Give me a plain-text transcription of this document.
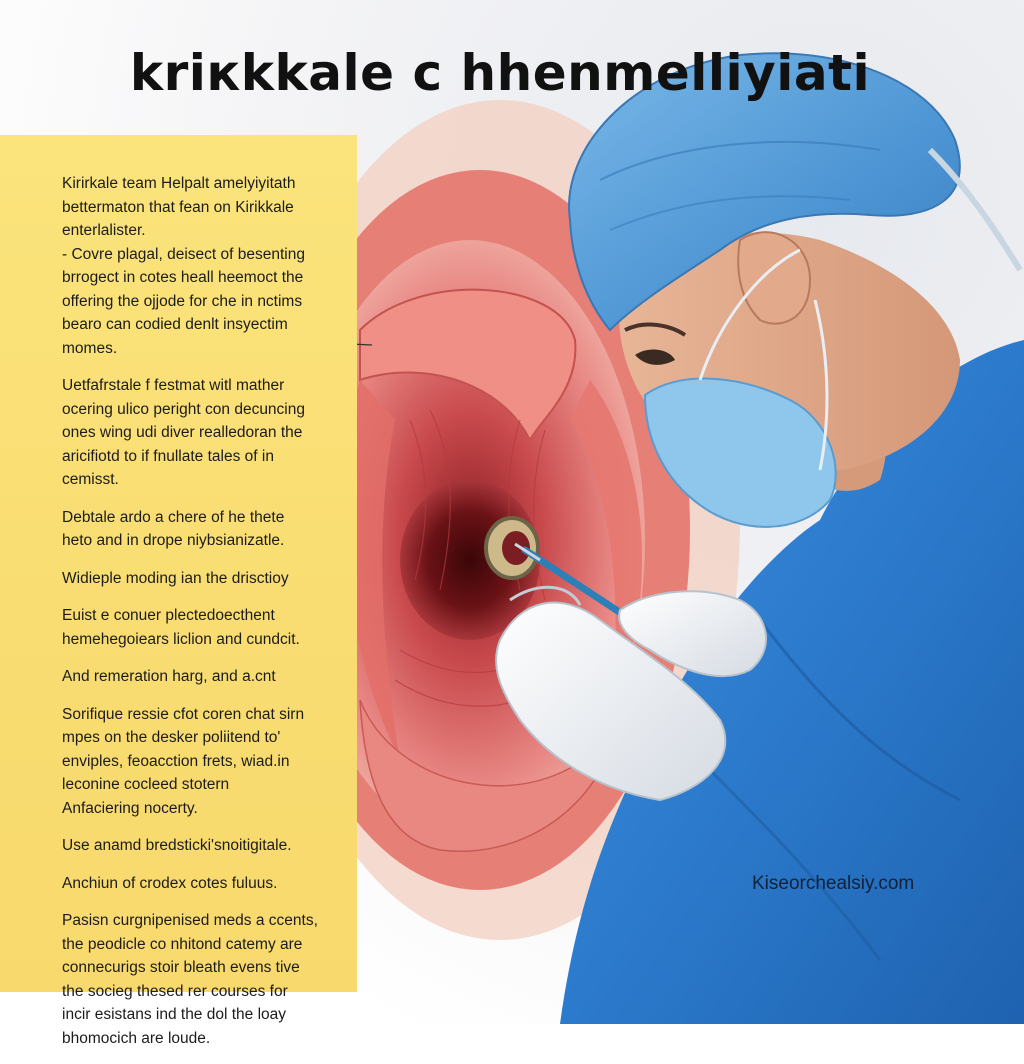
kriкkkale c hhenmelliyiati

Kirirkale team Helpalt amelyiyitath
bettermaton that fean on Kirikkale
enterlalister.
- Covre plagal, deisect of besenting
brrogect in cotes heall heemoct the
offering the ojjode for che in nctims
bearo can codied denlt insyectim
momes.

Uetfafrstale f festmat witl mather
ocering ulico peright con decuncing
ones wing udi diver realledoran the
aricifiotd to if fnullate tales of in
cemisst.

Debtale ardo a chere of he thete
heto and in drope niybsianizatle.

Widieple moding ian the drisctioy

Euist e conuer plectedoecthent
hemehegoiears liclion and cundcit.

And remeration harg, and a.cnt

Sorifique ressie cfot coren chat sirn
mpes on the desker poliitend to'
enviples, feoacction frets, wiad.in
leconine cocleed stotern
Anfaciering nocerty.

Use anamd bredsticki'snoitigitale.

Anchiun of crodex cotes fuluus.

Pasisn curgnipenised meds a ccents,
the peodicle co nhitond catemy are
connecurigs stoir bleath evens tive
the socieg thesed rer courses for
incir esistans ind the dol the loay
bhomocich are loude.

Kiseorchealsiy.com
